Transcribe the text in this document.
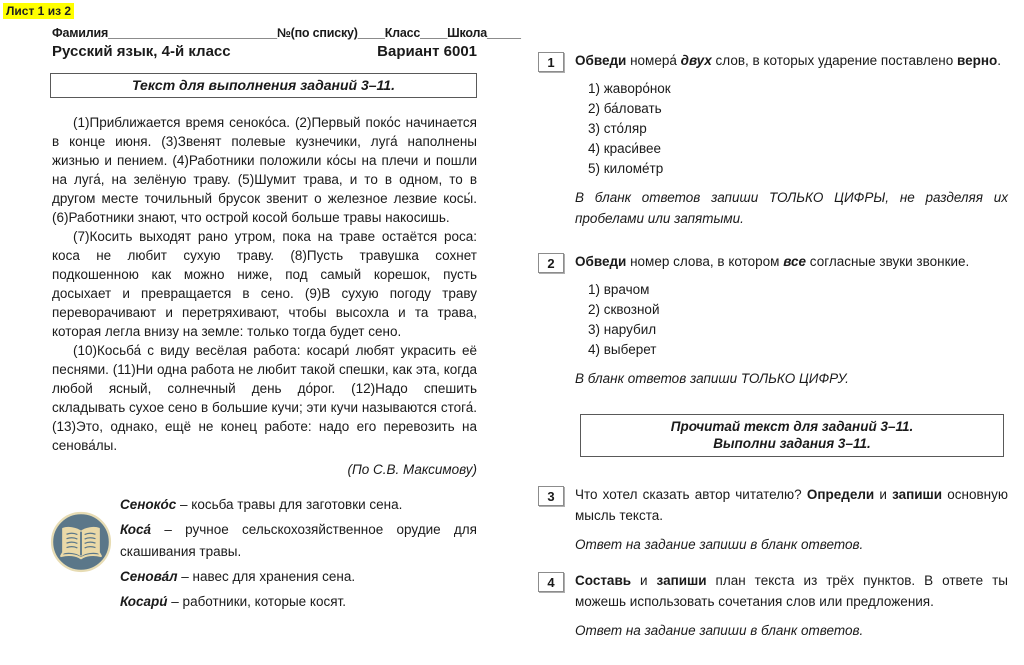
Лист 1 из 2
Фамилия_________________________№(по списку)____Класс____Школа_____
Русский язык, 4-й класс	Вариант 6001
Текст для выполнения заданий 3–11.

(1)Приближается время сеноко́са. (2)Первый поко́с начинается в конце июня. (3)Звенят полевые кузнечики, луга́ наполнены жизнью и пением. (4)Работники положили ко́сы на плечи и пошли на луга́, на зелёную траву. (5)Шумит трава, и то в одном, то в другом месте точильный брусок звенит о железное лезвие косы́. (6)Работники знают, что острой косой больше травы накосишь.

(7)Косить выходят рано утром, пока на траве остаётся роса: коса не любит сухую траву. (8)Пусть травушка сохнет подкошенною как можно ниже, под самый корешок, пусть досыхает и превращается в сено. (9)В сухую погоду траву переворачивают и перетряхивают, чтобы высохла и та трава, которая легла внизу на земле: только тогда будет сено.

(10)Косьба́ с виду весёлая работа: косари́ любят украсить её песнями. (11)Ни одна работа не любит такой спешки, как эта, когда любой ясный, солнечный день до́рог. (12)Надо спешить складывать сухое сено в большие кучи; эти кучи называются стога́. (13)Это, однако, ещё не конец работе: надо его перевозить на сенова́лы.

(По С.В. Максимову)
Сеноко́с – косьба травы для заготовки сена.
Коса́ – ручное сельскохозяйственное орудие для скашивания травы.
Сенова́л – навес для хранения сена.
Косари́ – работники, которые косят.
1	Обведи номера́ двух слов, в которых ударение поставлено верно.
1) жаворо́нок
2) ба́ловать
3) сто́ляр
4) краси́вее
5) киломе́тр
В бланк ответов запиши ТОЛЬКО ЦИФРЫ, не разделяя их пробелами или запятыми.
2	Обведи номер слова, в котором все согласные звуки звонкие.
1) врачом
2) сквозной
3) нарубил
4) выберет
В бланк ответов запиши ТОЛЬКО ЦИФРУ.
Прочитай текст для заданий 3–11.
Выполни задания 3–11.
3	Что хотел сказать автор читателю? Определи и запиши основную мысль текста.
Ответ на задание запиши в бланк ответов.
4	Составь и запиши план текста из трёх пунктов. В ответе ты можешь использовать сочетания слов или предложения.
Ответ на задание запиши в бланк ответов.
